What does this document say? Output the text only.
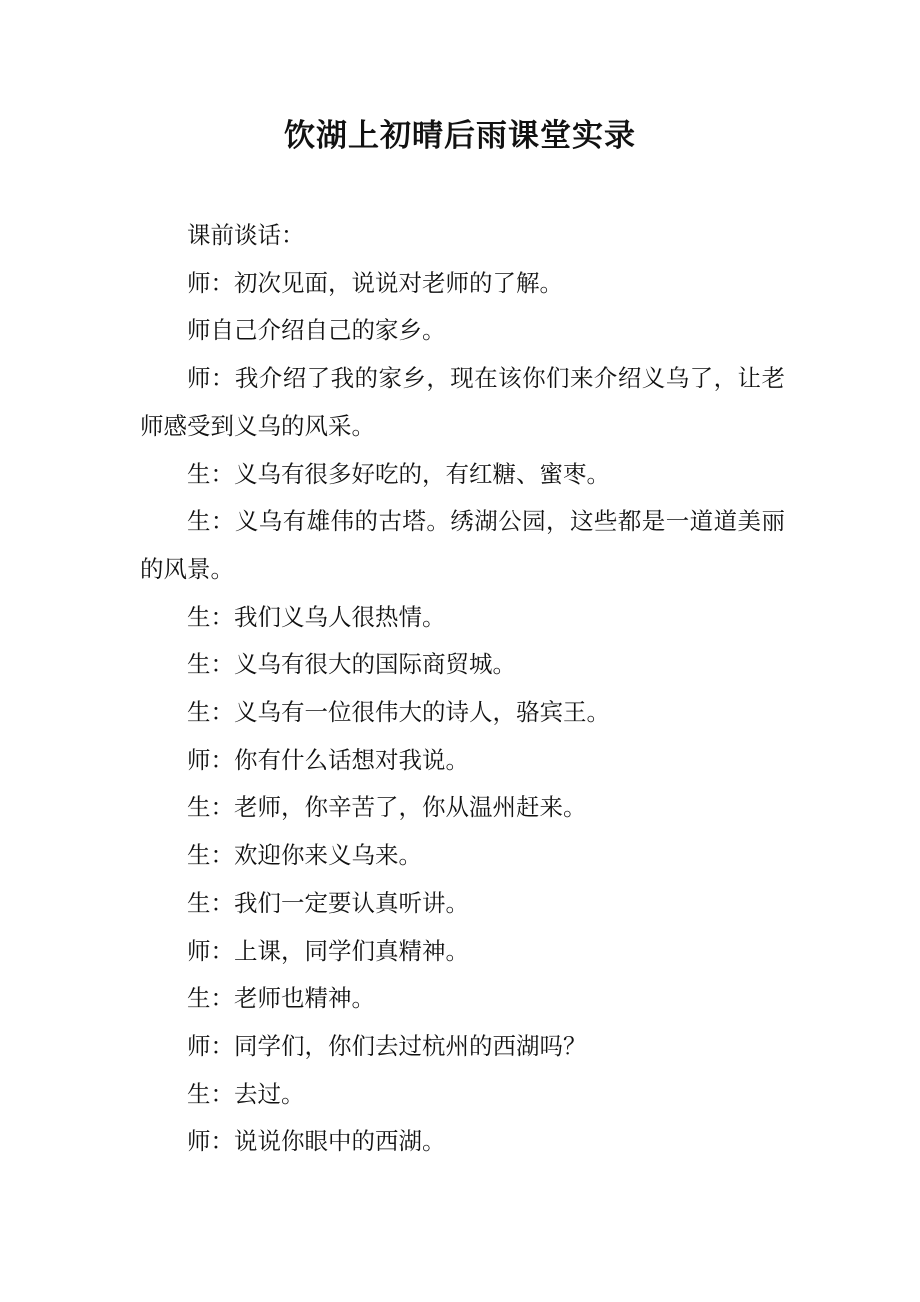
饮湖上初晴后雨课堂实录

课前谈话：

师：初次见面，说说对老师的了解。

师自己介绍自己的家乡。

师：我介绍了我的家乡，现在该你们来介绍义乌了，让老师感受到义乌的风采。

生：义乌有很多好吃的，有红糖、蜜枣。

生：义乌有雄伟的古塔。绣湖公园，这些都是一道道美丽的风景。

生：我们义乌人很热情。

生：义乌有很大的国际商贸城。

生：义乌有一位很伟大的诗人，骆宾王。

师：你有什么话想对我说。

生：老师，你辛苦了，你从温州赶来。

生：欢迎你来义乌来。

生：我们一定要认真听讲。

师：上课，同学们真精神。

生：老师也精神。

师：同学们，你们去过杭州的西湖吗？

生：去过。

师：说说你眼中的西湖。
